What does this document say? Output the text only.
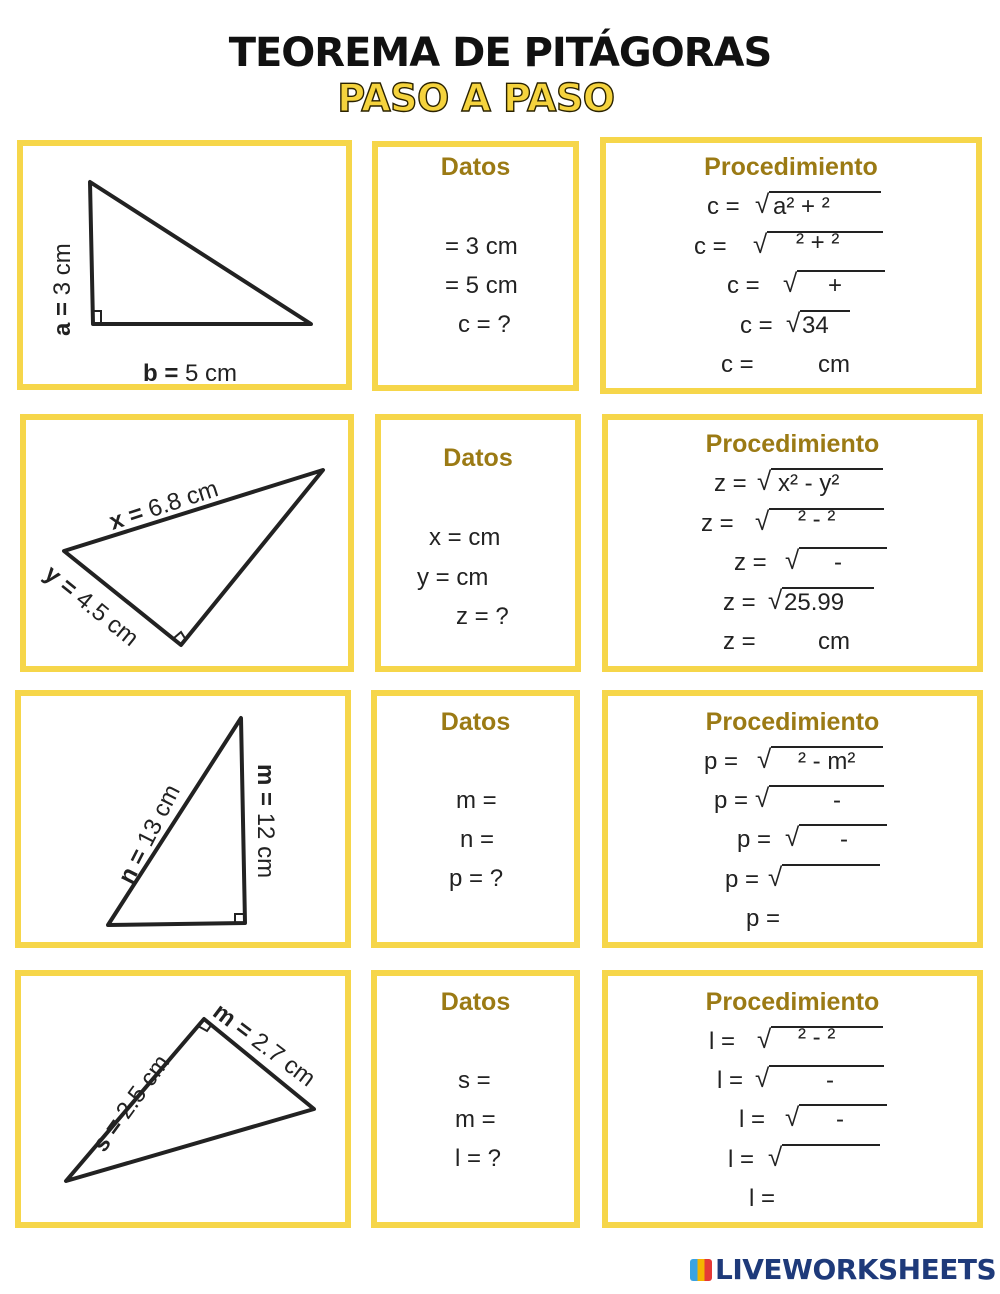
TEOREMA DE PITÁGORAS
PASO A PASO
a = 3 cm
b = 5 cm
Datos
= 3 cm
= 5 cm
c = ?
Procedimiento
c = √ a² + ²
c = √ ² + ²
c = √ +
c = √ 34
c =	cm
x = 6.8 cm
y = 4.5 cm
Datos
x = cm
y = cm
z = ?
Procedimiento
z = √ x² - y²
z = √ ² - ²
z = √ -
z = √ 25.99
z =	cm
n = 13 cm	m = 12 cm
Datos
m =
n =
p = ?
Procedimiento
p = √ ² - m²
p = √	-
p = √ -
p = √
p =
s = 2.5 cm
m = 2.7 cm
Datos
s =
m =
l = ?
Procedimiento
l = √ ² - ²
l = √ -
l = √ -
l = √
l =
LIVEWORKSHEETS
